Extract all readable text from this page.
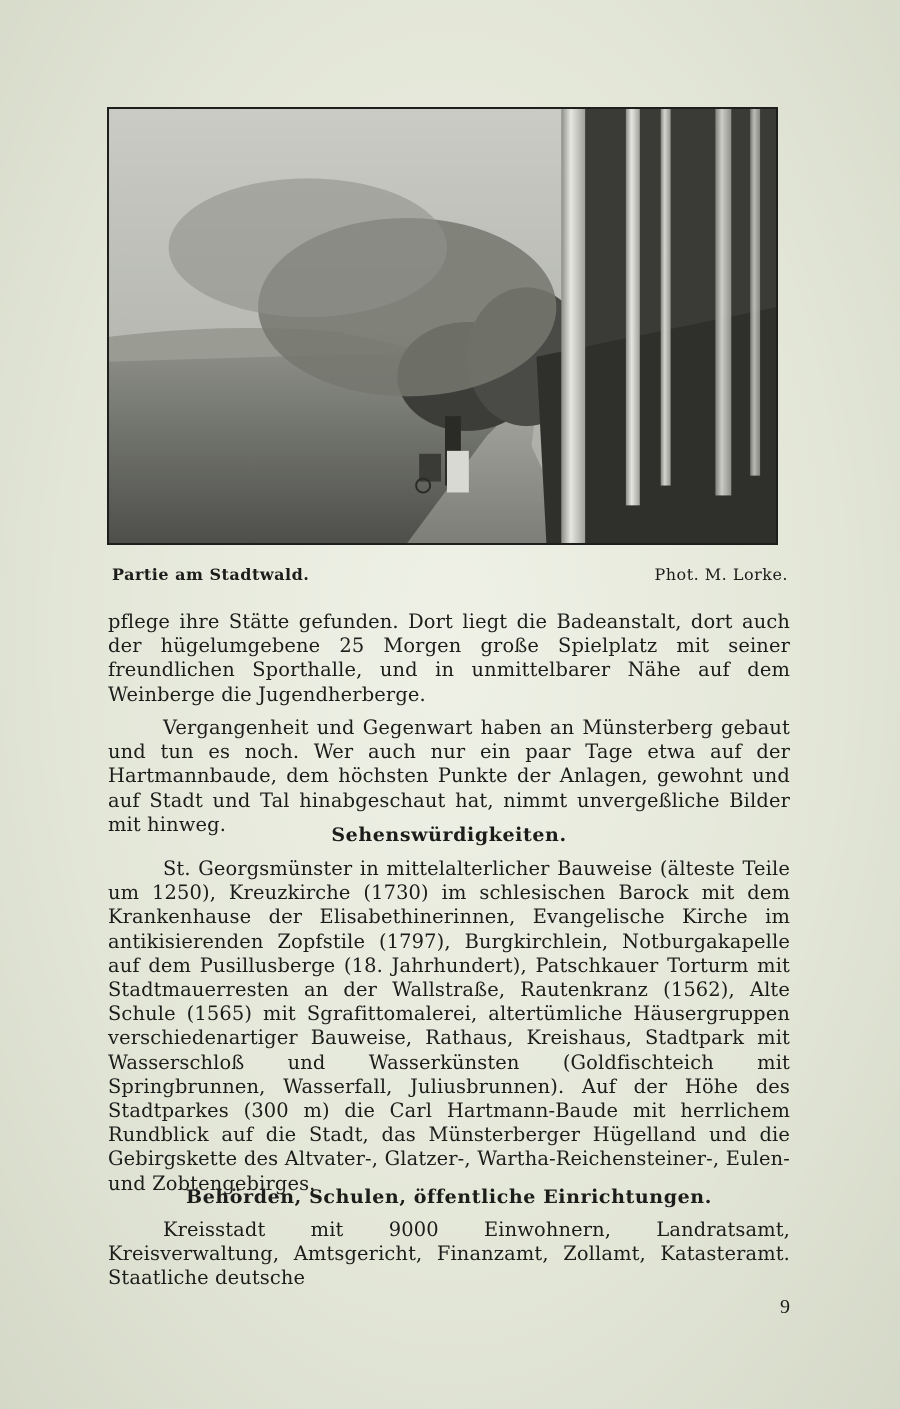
Partie am Stadtwald.	Phot. M. Lorke.
pflege ihre Stätte gefunden. Dort liegt die Badeanstalt, dort auch der hügelumgebene 25 Morgen große Spielplatz mit seiner freundlichen Sporthalle, und in unmittelbarer Nähe auf dem Weinberge die Jugendherberge.
Vergangenheit und Gegenwart haben an Münsterberg gebaut und tun es noch. Wer auch nur ein paar Tage etwa auf der Hartmannbaude, dem höchsten Punkte der Anlagen, gewohnt und auf Stadt und Tal hinabgeschaut hat, nimmt unvergeßliche Bilder mit hinweg.	Sehenswürdigkeiten.
St. Georgsmünster in mittelalterlicher Bauweise (älteste Teile um 1250), Kreuzkirche (1730) im schlesischen Barock mit dem Krankenhause der Elisabethinerinnen, Evangelische Kirche im antikisierenden Zopfstile (1797), Burgkirchlein, Notburgakapelle auf dem Pusillusberge (18. Jahrhundert), Patschkauer Torturm mit Stadtmauerresten an der Wallstraße, Rautenkranz (1562), Alte Schule (1565) mit Sgrafittomalerei, altertümliche Häusergruppen verschiedenartiger Bauweise, Rathaus, Kreishaus, Stadtpark mit Wasserschloß und Wasserkünsten (Goldfischteich mit Springbrunnen, Wasserfall, Juliusbrunnen). Auf der Höhe des Stadtparkes (300 m) die Carl Hartmann-Baude mit herrlichem Rundblick auf die Stadt, das Münsterberger Hügelland und die Gebirgskette des Altvater-, Glatzer-, Wartha-Reichensteiner-, Eulen- und Zobtengebirges.
Behörden, Schulen, öffentliche Einrichtungen.
Kreisstadt mit 9000 Einwohnern, Landratsamt, Kreisverwaltung, Amtsgericht, Finanzamt, Zollamt, Katasteramt. Staatliche deutsche
9
